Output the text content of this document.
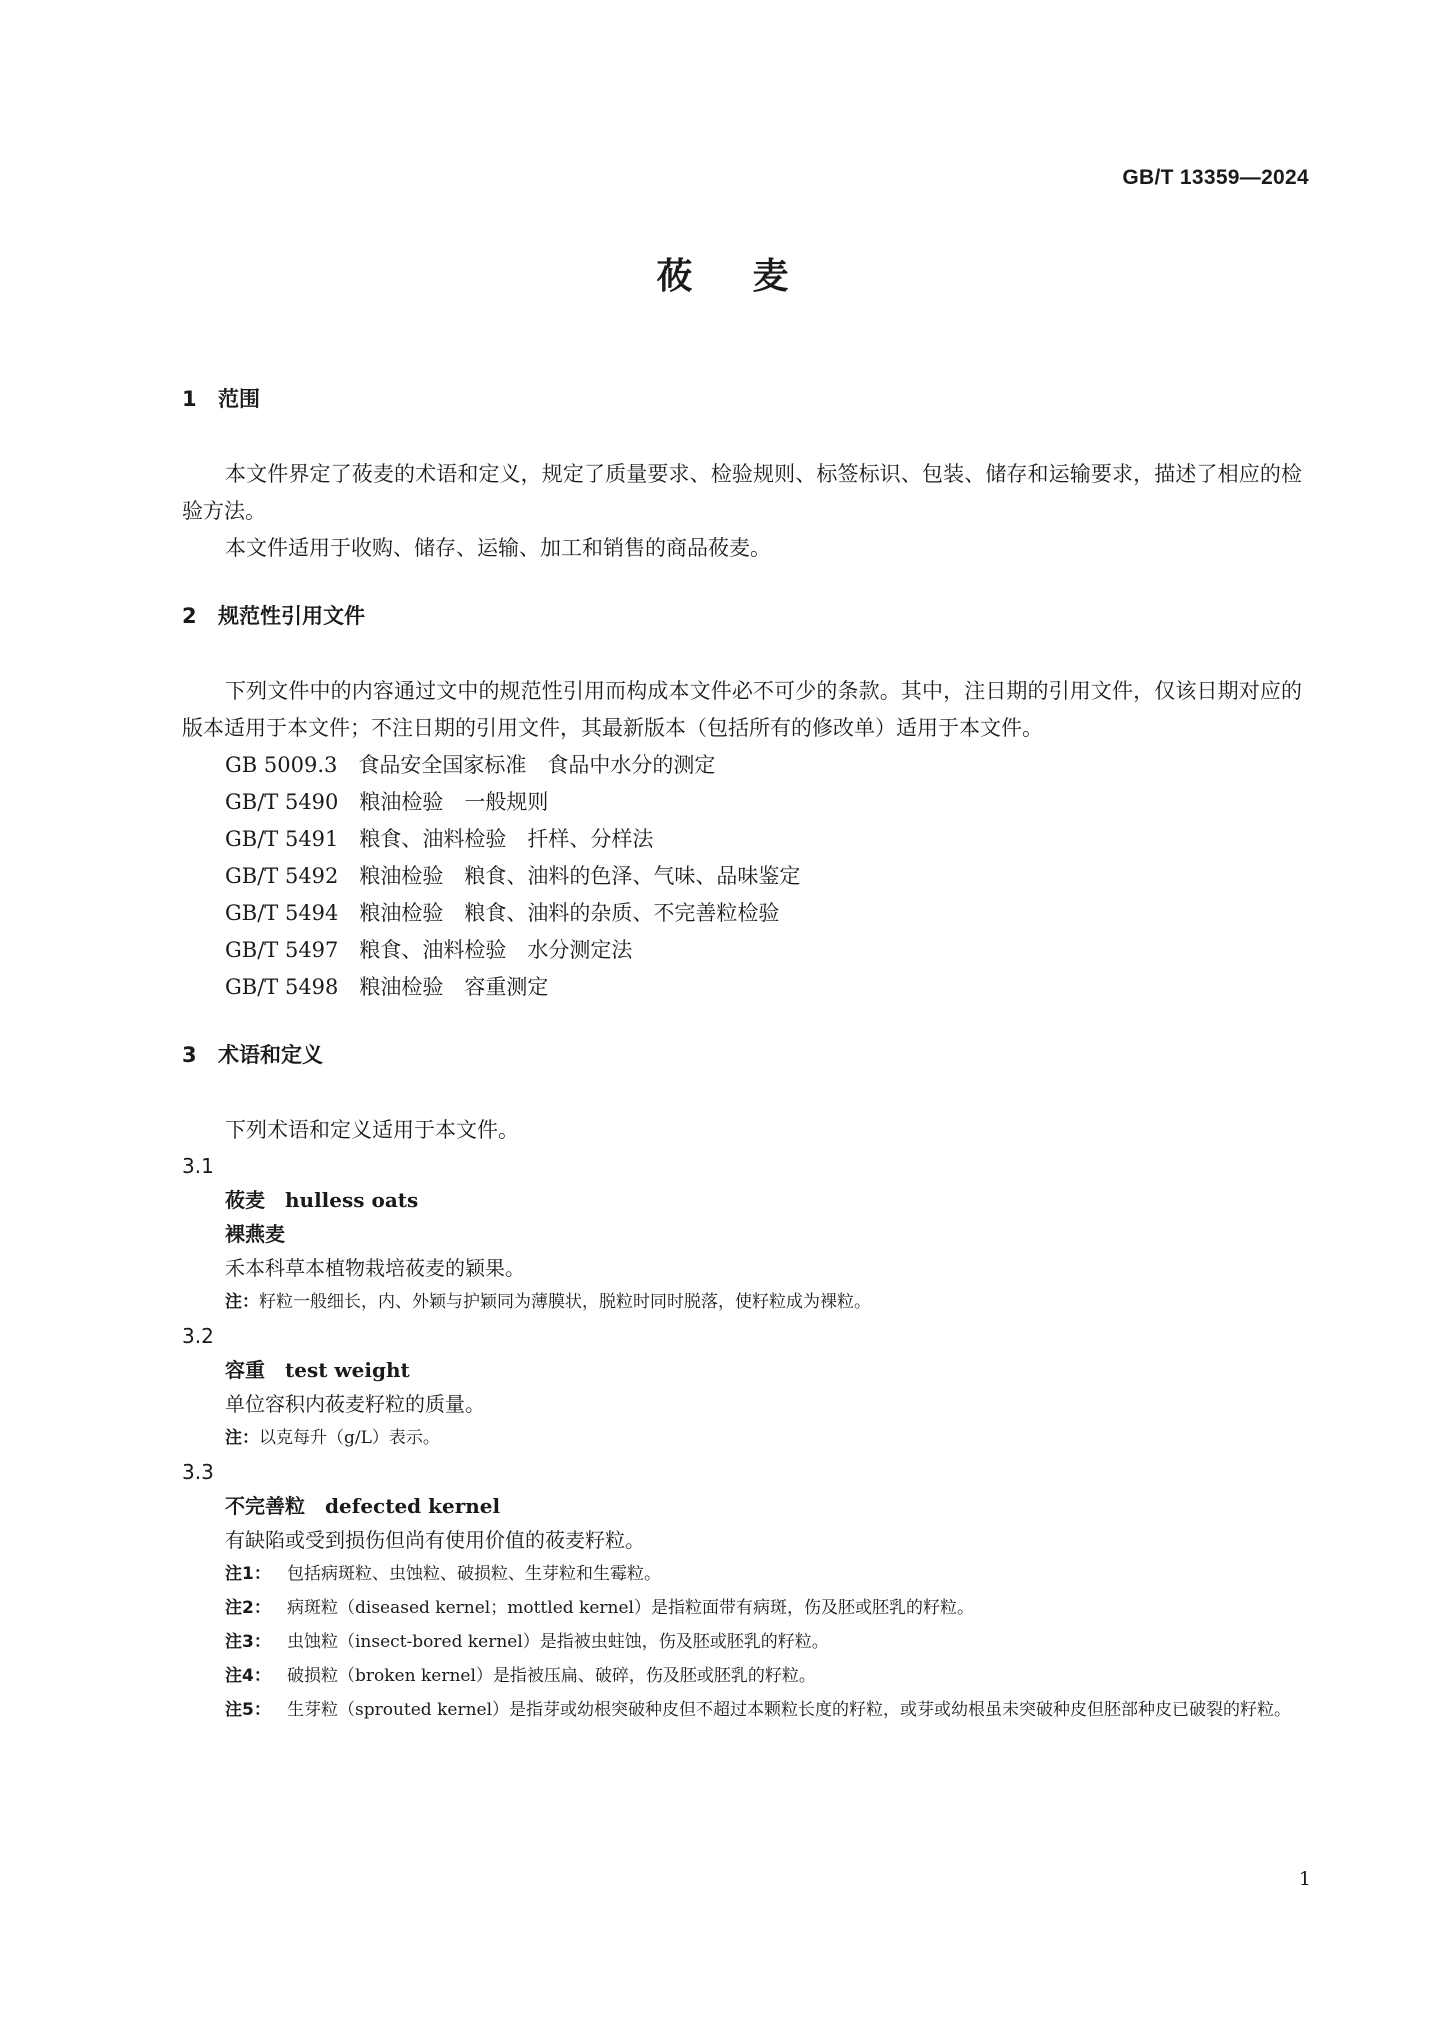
GB/T 13359—2024
莜麦
1 范围

本文件界定了莜麦的术语和定义，规定了质量要求、检验规则、标签标识、包装、储存和运输要求，描述了相应的检验方法。

本文件适用于收购、储存、运输、加工和销售的商品莜麦。

2 规范性引用文件

下列文件中的内容通过文中的规范性引用而构成本文件必不可少的条款。其中，注日期的引用文件，仅该日期对应的版本适用于本文件；不注日期的引用文件，其最新版本（包括所有的修改单）适用于本文件。

GB 5009.3　食品安全国家标准　食品中水分的测定

GB/T 5490　粮油检验　一般规则

GB/T 5491　粮食、油料检验　扦样、分样法

GB/T 5492　粮油检验　粮食、油料的色泽、气味、品味鉴定

GB/T 5494　粮油检验　粮食、油料的杂质、不完善粒检验

GB/T 5497　粮食、油料检验　水分测定法

GB/T 5498　粮油检验　容重测定

3 术语和定义

下列术语和定义适用于本文件。

3.1

莜麦 hulless oats

裸燕麦

禾本科草本植物栽培莜麦的颖果。

注：籽粒一般细长，内、外颖与护颖同为薄膜状，脱粒时同时脱落，使籽粒成为裸粒。

3.2

容重 test weight

单位容积内莜麦籽粒的质量。

注：以克每升（g/L）表示。

3.3

不完善粒 defected kernel

有缺陷或受到损伤但尚有使用价值的莜麦籽粒。

注1： 包括病斑粒、虫蚀粒、破损粒、生芽粒和生霉粒。
注2： 病斑粒（diseased kernel；mottled kernel）是指粒面带有病斑，伤及胚或胚乳的籽粒。
注3： 虫蚀粒（insect-bored kernel）是指被虫蛀蚀，伤及胚或胚乳的籽粒。
注4： 破损粒（broken kernel）是指被压扁、破碎，伤及胚或胚乳的籽粒。
注5： 生芽粒（sprouted kernel）是指芽或幼根突破种皮但不超过本颗粒长度的籽粒，或芽或幼根虽未突破种皮但胚部种皮已破裂的籽粒。
1
